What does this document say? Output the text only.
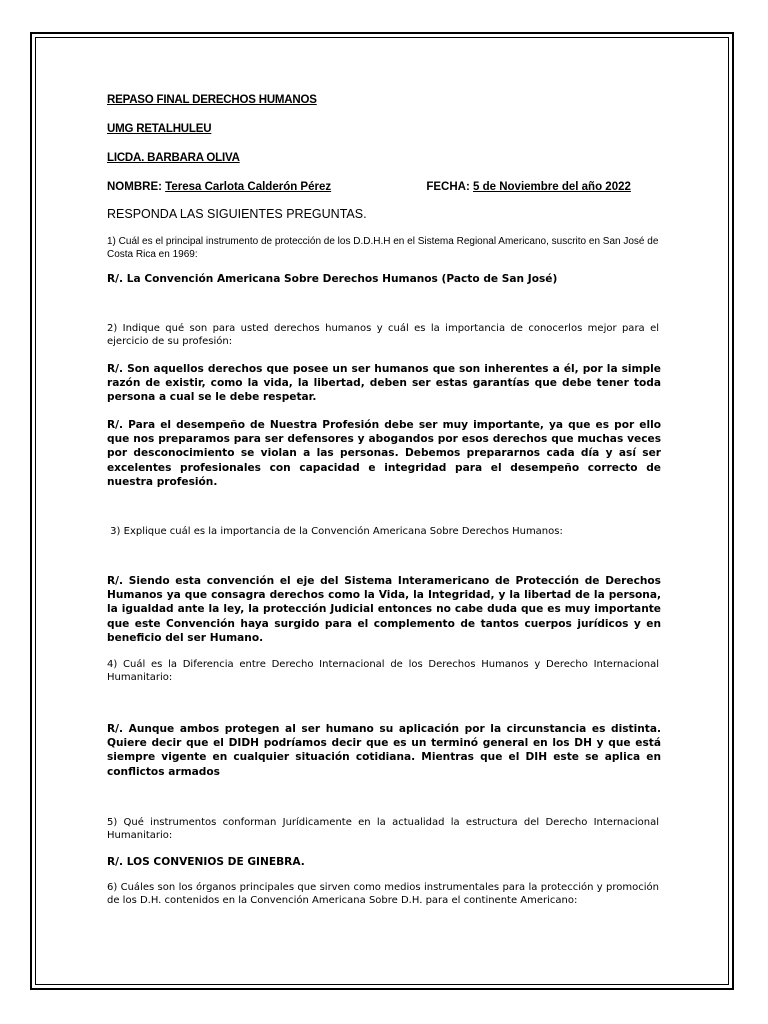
REPASO FINAL DERECHOS HUMANOS
UMG RETALHULEU
LICDA. BARBARA OLIVA
NOMBRE: Teresa Carlota Calderón Pérez	FECHA: 5 de Noviembre del año 2022
RESPONDA LAS SIGUIENTES PREGUNTAS.
1) Cuál es el principal instrumento de protección de los D.D.H.H en el Sistema Regional Americano, suscrito en San José de Costa Rica en 1969:
R/. La Convención Americana Sobre Derechos Humanos (Pacto de San José)
2) Indique qué son para usted derechos humanos y cuál es la importancia de conocerlos mejor para el ejercicio de su profesión:
R/. Son aquellos derechos que posee un ser humanos que son inherentes a él, por la simple razón de existir, como la vida, la libertad, deben ser estas garantías que debe tener toda persona a cual se le debe respetar.
R/. Para el desempeño de Nuestra Profesión debe ser muy importante, ya que es por ello que nos preparamos para ser defensores y abogandos por esos derechos que muchas veces por desconocimiento se violan a las personas. Debemos prepararnos cada día y así ser excelentes profesionales con capacidad e integridad para el desempeño correcto de nuestra profesión.
3) Explique cuál es la importancia de la Convención Americana Sobre Derechos Humanos:
R/. Siendo esta convención el eje del Sistema Interamericano de Protección de Derechos Humanos ya que consagra derechos como la Vida, la Integridad, y la libertad de la persona, la igualdad ante la ley, la protección Judicial entonces no cabe duda que es muy importante que este Convención haya surgido para el complemento de tantos cuerpos jurídicos y en beneficio del ser Humano.
4) Cuál es la Diferencia entre Derecho Internacional de los Derechos Humanos y Derecho Internacional Humanitario:
R/. Aunque ambos protegen al ser humano su aplicación por la circunstancia es distinta. Quiere decir que el DIDH podríamos decir que es un terminó general en los DH y que está siempre vigente en cualquier situación cotidiana. Mientras que el DIH este se aplica en conflictos armados
5) Qué instrumentos conforman Jurídicamente en la actualidad la estructura del Derecho Internacional Humanitario:
R/. LOS CONVENIOS DE GINEBRA.
6) Cuáles son los órganos principales que sirven como medios instrumentales para la protección y promoción de los D.H. contenidos en la Convención Americana Sobre D.H. para el continente Americano:
